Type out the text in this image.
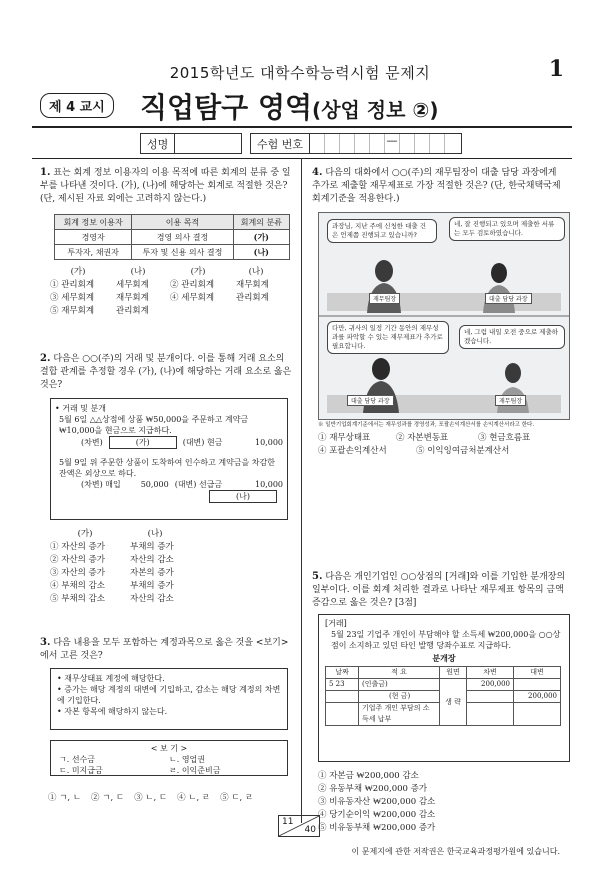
2015학년도 대학수학능력시험 문제지	1
제 4 교시	직업탐구 영역(상업 정보 ②)
성명	수험 번호	—
1. 표는 회계 정보 이용자의 이용 목적에 따른 회계의 분류 중 일부를 나타낸 것이다. (가), (나)에 해당하는 회계로 적절한 것은? (단, 제시된 자료 외에는 고려하지 않는다.)
회계 정보 이용자	이용 목적	회계의 분류
경영자	경영 의사 결정	(가)
투자자, 채권자	투자 및 신용 의사 결정	(나)
(가)	(나)	(가)	(나)
① 관리회계	세무회계	② 관리회계	재무회계
③ 세무회계	재무회계	④ 세무회계	관리회계
⑤ 재무회계	관리회계
2. 다음은 ○○(주)의 거래 및 분개이다. 이를 통해 거래 요소의 결합 관계를 추정할 경우 (가), (나)에 해당하는 거래 요소로 옳은 것은?
• 거래 및 분개
5월 6일 △△상점에 상품 ₩50,000을 주문하고 계약금 ₩10,000을 현금으로 지급하다.
(차변)	(가)	(대변) 현금	10,000
5월 9일 위 주문한 상품이 도착하여 인수하고 계약금을 차감한 잔액은 외상으로 하다.
(차변) 매입	50,000 (대변) 선급금	10,000
(나)
(가)	(나)
① 자산의 증가	부채의 증가
② 자산의 증가	자산의 감소
③ 자산의 증가	자본의 증가
④ 부채의 감소	부채의 증가
⑤ 부채의 감소	자산의 감소
3. 다음 내용을 모두 포함하는 계정과목으로 옳은 것을 <보기>에서 고른 것은?
• 재무상태표 계정에 해당한다.
• 증가는 해당 계정의 대변에 기입하고, 감소는 해당 계정의 차변에 기입한다.
• 자본 항목에 해당하지 않는다.
< 보 기 >
ㄱ. 선수금	ㄴ. 영업권
ㄷ. 미지급금	ㄹ. 이익준비금
① ㄱ, ㄴ ② ㄱ, ㄷ ③ ㄴ, ㄷ ④ ㄴ, ㄹ ⑤ ㄷ, ㄹ
4. 다음의 대화에서 ○○(주)의 재무팀장이 대출 담당 과장에게 추가로 제출할 재무제표로 가장 적절한 것은? (단, 한국채택국제회계기준을 적용한다.)
과장님, 지난 주에 신청한 대출 건은 언제쯤 진행되고 있습니까?
네, 잘 진행되고 있으며 제출한 서류는 모두 검토하였습니다.
재무팀장	대출 담당 과장
다만, 귀사의 일정 기간 동안의 재무성과를 파악할 수 있는 재무제표가 추가로 필요합니다.
네, 그럼 내일 오전 중으로 제출하겠습니다.
대출 담당 과장	재무팀장
※ 일반기업회계기준에서는 재무성과를 경영성과, 포괄손익계산서를 손익계산서라고 한다.
① 재무상태표	② 자본변동표	③ 현금흐름표
④ 포괄손익계산서	⑤ 이익잉여금처분계산서
5. 다음은 개인기업인 ○○상점의 [거래]와 이를 기입한 분개장의 일부이다. 이를 회계 처리한 결과로 나타난 재무제표 항목의 금액 증감으로 옳은 것은? [3점]
[거래]
5월 23일 기업주 개인이 부담해야 할 소득세 ₩200,000을 ○○상점이 소지하고 있던 타인 발행 당좌수표로 지급하다.
분개장
날짜	적 요	원면	차변	대변
5 23	(인출금)	생 략	200,000	
	(현 금)			200,000
	기업주 개인 부담의 소득세 납부			
① 자본금 ₩200,000 감소
② 유동부채 ₩200,000 증가
③ 비유동자산 ₩200,000 감소
④ 당기순이익 ₩200,000 감소
⑤ 비유동부채 ₩200,000 증가
11
40
이 문제지에 관한 저작권은 한국교육과정평가원에 있습니다.
